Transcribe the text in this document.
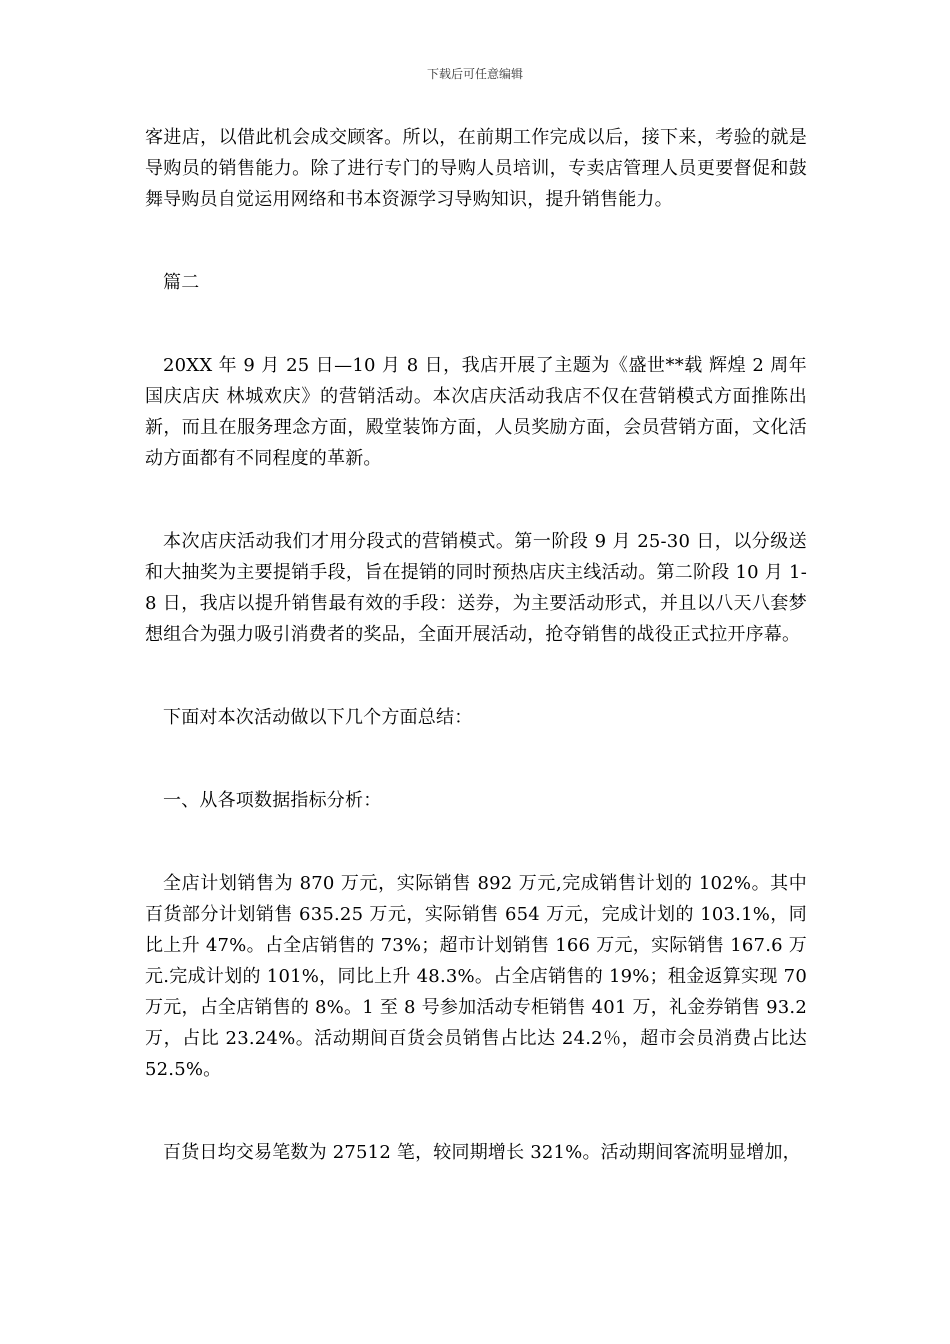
下载后可任意编辑

客进店，以借此机会成交顾客。所以，在前期工作完成以后，接下来，考验的就是导购员的销售能力。除了进行专门的导购人员培训，专卖店管理人员更要督促和鼓舞导购员自觉运用网络和书本资源学习导购知识，提升销售能力。

篇二

20XX 年 9 月 25 日—10 月 8 日，我店开展了主题为《盛世**载 辉煌 2 周年 国庆店庆 林城欢庆》的营销活动。本次店庆活动我店不仅在营销模式方面推陈出新，而且在服务理念方面，殿堂装饰方面，人员奖励方面，会员营销方面，文化活动方面都有不同程度的革新。

本次店庆活动我们才用分段式的营销模式。第一阶段 9 月 25-30 日，以分级送和大抽奖为主要提销手段，旨在提销的同时预热店庆主线活动。第二阶段 10 月 1-8 日，我店以提升销售最有效的手段：送券，为主要活动形式，并且以八天八套梦想组合为强力吸引消费者的奖品，全面开展活动，抢夺销售的战役正式拉开序幕。

下面对本次活动做以下几个方面总结：

一、从各项数据指标分析：

全店计划销售为 870 万元，实际销售 892 万元,完成销售计划的 102%。其中百货部分计划销售 635.25 万元，实际销售 654 万元，完成计划的 103.1%，同比上升 47%。占全店销售的 73%；超市计划销售 166 万元，实际销售 167.6 万元.完成计划的 101%，同比上升 48.3%。占全店销售的 19%；租金返算实现 70 万元，占全店销售的 8%。1 至 8 号参加活动专柜销售 401 万，礼金券销售 93.2 万，占比 23.24%。活动期间百货会员销售占比达 24.2％，超市会员消费占比达 52.5%。

百货日均交易笔数为 27512 笔，较同期增长 321%。活动期间客流明显增加，
